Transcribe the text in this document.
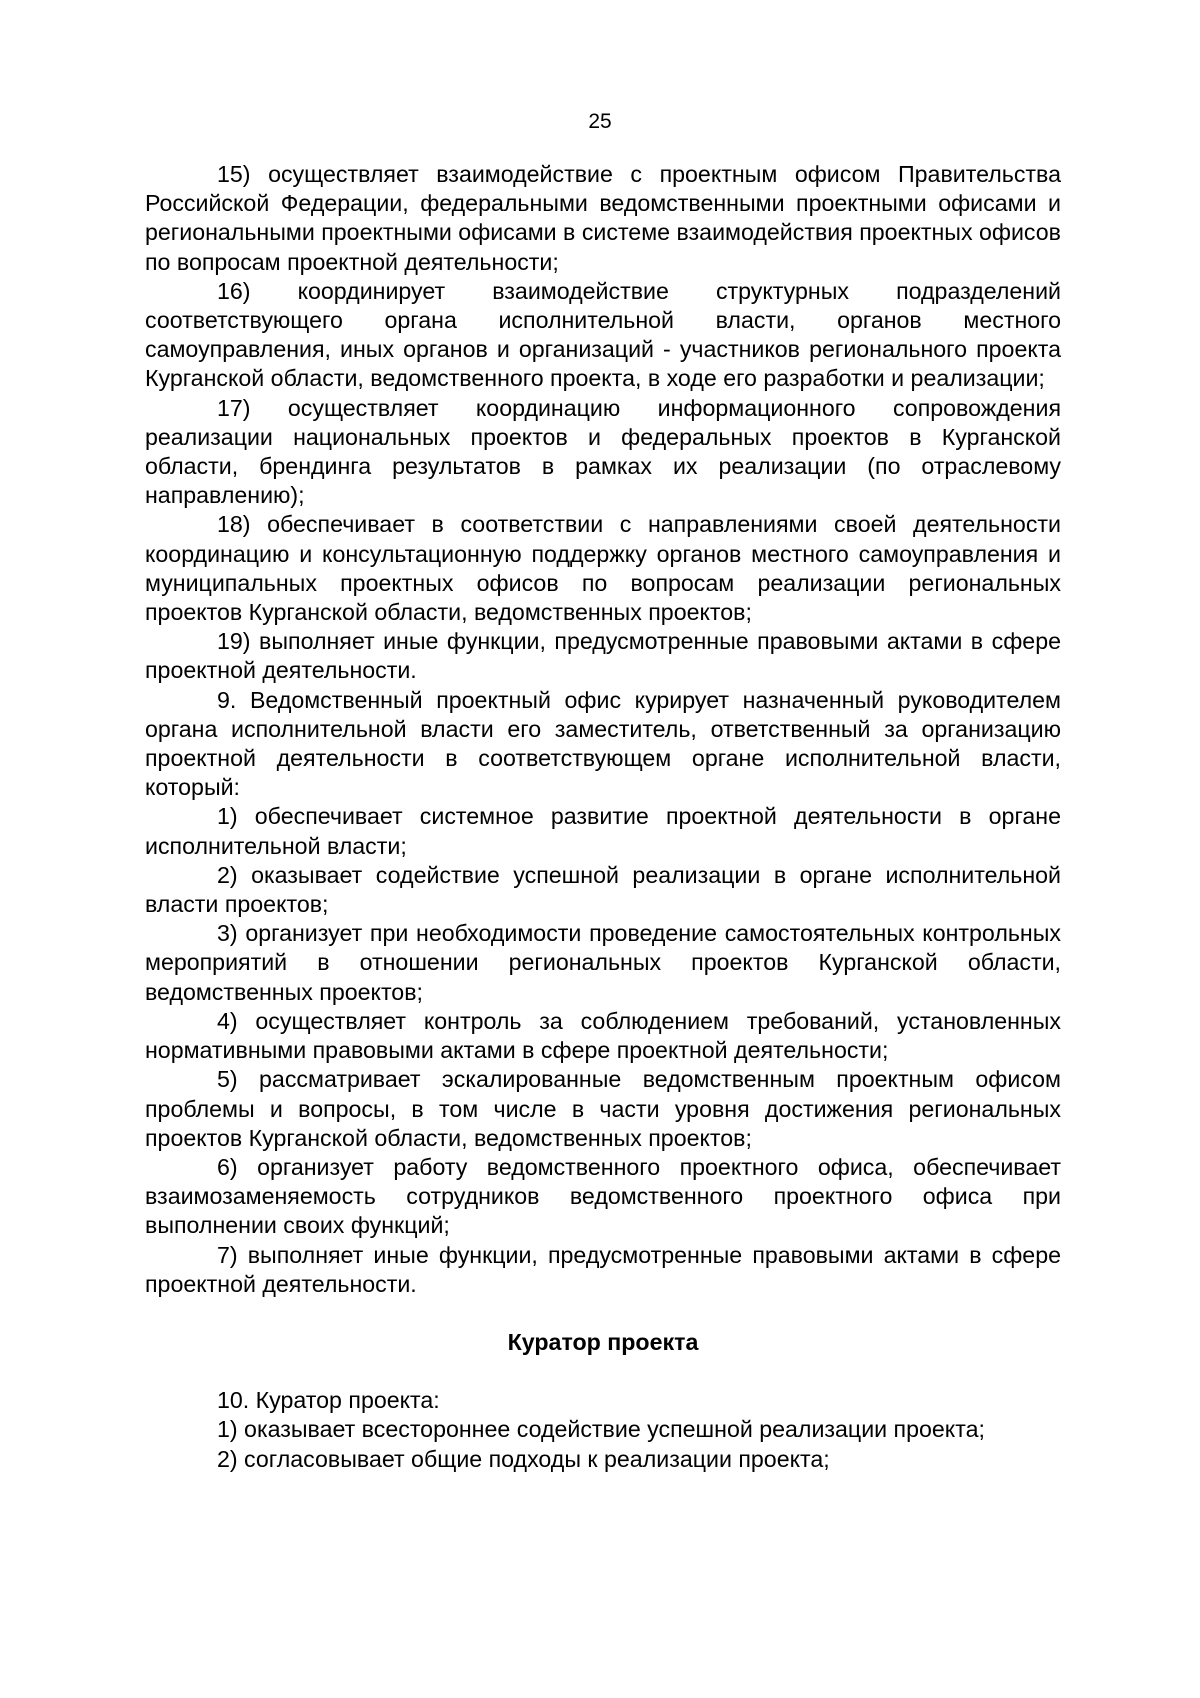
25

15) осуществляет взаимодействие с проектным офисом Правительства Российской Федерации, федеральными ведомственными проектными офисами и региональными проектными офисами в системе взаимодействия проектных офисов по вопросам проектной деятельности;

16) координирует взаимодействие структурных подразделений соответствующего органа исполнительной власти, органов местного самоуправления, иных органов и организаций - участников регионального проекта Курганской области, ведомственного проекта, в ходе его разработки и реализации;

17) осуществляет координацию информационного сопровождения реализации национальных проектов и федеральных проектов в Курганской области, брендинга результатов в рамках их реализации (по отраслевому направлению);

18) обеспечивает в соответствии с направлениями своей деятельности координацию и консультационную поддержку органов местного самоуправления и муниципальных проектных офисов по вопросам реализации региональных проектов Курганской области, ведомственных проектов;

19) выполняет иные функции, предусмотренные правовыми актами в сфере проектной деятельности.

9. Ведомственный проектный офис курирует назначенный руководителем органа исполнительной власти его заместитель, ответственный за организацию проектной деятельности в соответствующем органе исполнительной власти, который:

1) обеспечивает системное развитие проектной деятельности в органе исполнительной власти;

2) оказывает содействие успешной реализации в органе исполнительной власти проектов;

3) организует при необходимости проведение самостоятельных контрольных мероприятий в отношении региональных проектов Курганской области, ведомственных проектов;

4) осуществляет контроль за соблюдением требований, установленных нормативными правовыми актами в сфере проектной деятельности;

5) рассматривает эскалированные ведомственным проектным офисом проблемы и вопросы, в том числе в части уровня достижения региональных проектов Курганской области, ведомственных проектов;

6) организует работу ведомственного проектного офиса, обеспечивает взаимозаменяемость сотрудников ведомственного проектного офиса при выполнении своих функций;

7) выполняет иные функции, предусмотренные правовыми актами в сфере проектной деятельности.

Куратор проекта

10. Куратор проекта:

1) оказывает всестороннее содействие успешной реализации проекта;

2) согласовывает общие подходы к реализации проекта;
